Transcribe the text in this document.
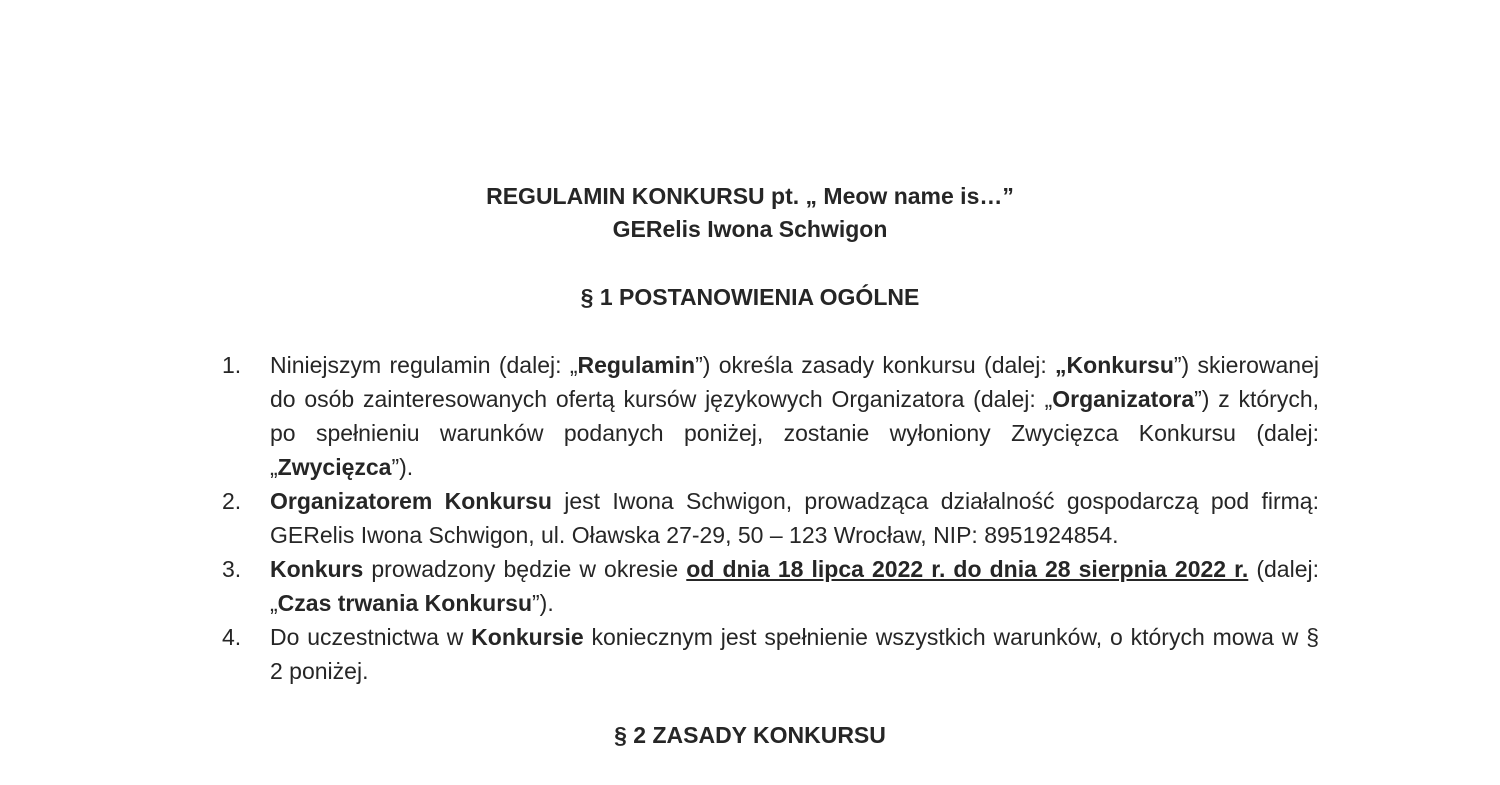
REGULAMIN KONKURSU pt. „ Meow name is…”
GERelis Iwona Schwigon
§ 1 POSTANOWIENIA OGÓLNE
1. Niniejszym regulamin (dalej: „Regulamin”) określa zasady konkursu (dalej: „Konkursu”) skierowanej do osób zainteresowanych ofertą kursów językowych Organizatora (dalej: „Organizatora”) z których, po spełnieniu warunków podanych poniżej, zostanie wyłoniony Zwycięzca Konkursu (dalej: „Zwycięzca”).
2. Organizatorem Konkursu jest Iwona Schwigon, prowadząca działalność gospodarczą pod firmą: GERelis Iwona Schwigon, ul. Oławska 27-29, 50 – 123 Wrocław, NIP: 8951924854.
3. Konkurs prowadzony będzie w okresie od dnia 18 lipca 2022 r. do dnia 28 sierpnia 2022 r. (dalej: „Czas trwania Konkursu”).
4. Do uczestnictwa w Konkursie koniecznym jest spełnienie wszystkich warunków, o których mowa w § 2 poniżej.
§ 2 ZASADY KONKURSU
